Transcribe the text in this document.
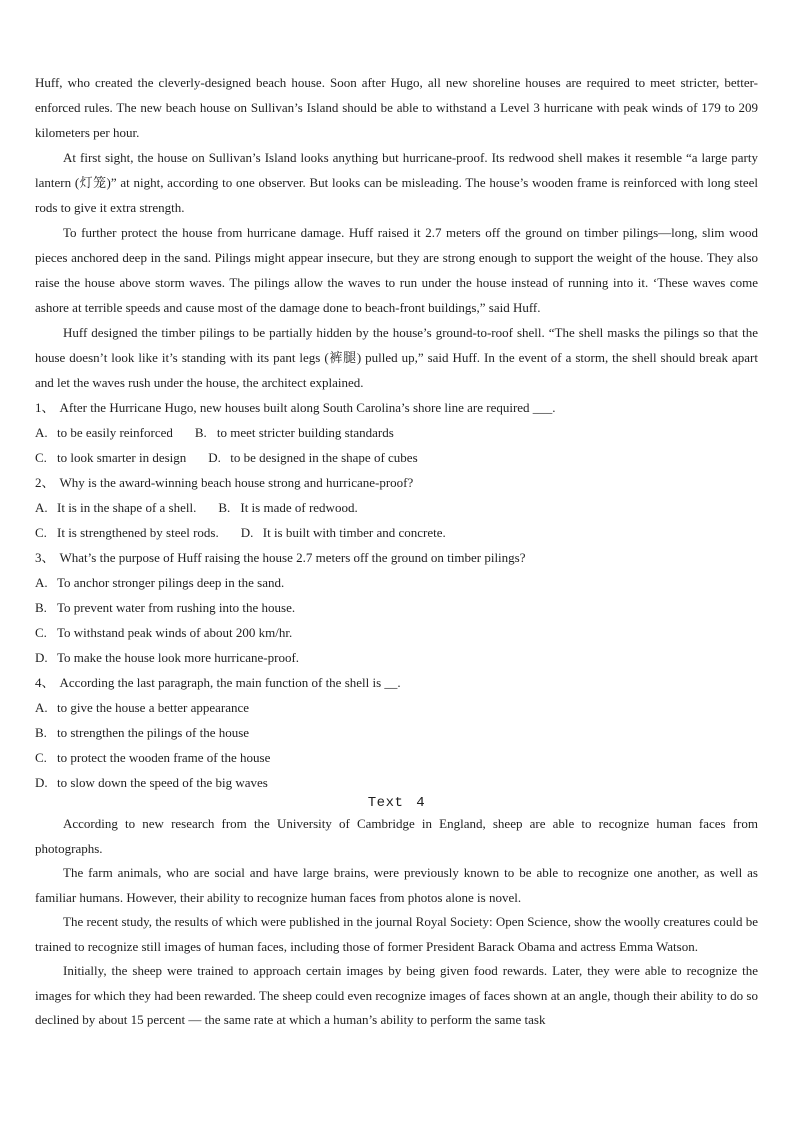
Huff, who created the cleverly-designed beach house. Soon after Hugo, all new shoreline houses are required to meet stricter, better-enforced rules. The new beach house on Sullivan’s Island should be able to withstand a Level 3 hurricane with peak winds of 179 to 209 kilometers per hour.
At first sight, the house on Sullivan’s Island looks anything but hurricane-proof. Its redwood shell makes it resemble “a large party lantern (灯笼)” at night, according to one observer. But looks can be misleading. The house’s wooden frame is reinforced with long steel rods to give it extra strength.
To further protect the house from hurricane damage. Huff raised it 2.7 meters off the ground on timber pilings—long, slim wood pieces anchored deep in the sand. Pilings might appear insecure, but they are strong enough to support the weight of the house. They also raise the house above storm waves. The pilings allow the waves to run under the house instead of running into it. ‘These waves come ashore at terrible speeds and cause most of the damage done to beach-front buildings,” said Huff.
Huff designed the timber pilings to be partially hidden by the house’s ground-to-roof shell. “The shell masks the pilings so that the house doesn’t look like it’s standing with its pant legs (裤腿) pulled up,” said Huff. In the event of a storm, the shell should break apart and let the waves rush under the house, the architect explained.
1、 After the Hurricane Hugo, new houses built along South Carolina’s shore line are required ___.
A. to be easily reinforced B. to meet stricter building standards
C. to look smarter in design D. to be designed in the shape of cubes
2、 Why is the award-winning beach house strong and hurricane-proof?
A. It is in the shape of a shell. B. It is made of redwood.
C. It is strengthened by steel rods. D. It is built with timber and concrete.
3、 What’s the purpose of Huff raising the house 2.7 meters off the ground on timber pilings?
A. To anchor stronger pilings deep in the sand.
B. To prevent water from rushing into the house.
C. To withstand peak winds of about 200 km/hr.
D. To make the house look more hurricane-proof.
4、 According the last paragraph, the main function of the shell is __.
A. to give the house a better appearance
B. to strengthen the pilings of the house
C. to protect the wooden frame of the house
D. to slow down the speed of the big waves
Text 4
According to new research from the University of Cambridge in England, sheep are able to recognize human faces from photographs.
The farm animals, who are social and have large brains, were previously known to be able to recognize one another, as well as familiar humans. However, their ability to recognize human faces from photos alone is novel.
The recent study, the results of which were published in the journal Royal Society: Open Science, show the woolly creatures could be trained to recognize still images of human faces, including those of former President Barack Obama and actress Emma Watson.
Initially, the sheep were trained to approach certain images by being given food rewards. Later, they were able to recognize the images for which they had been rewarded. The sheep could even recognize images of faces shown at an angle, though their ability to do so declined by about 15 percent — the same rate at which a human’s ability to perform the same task
